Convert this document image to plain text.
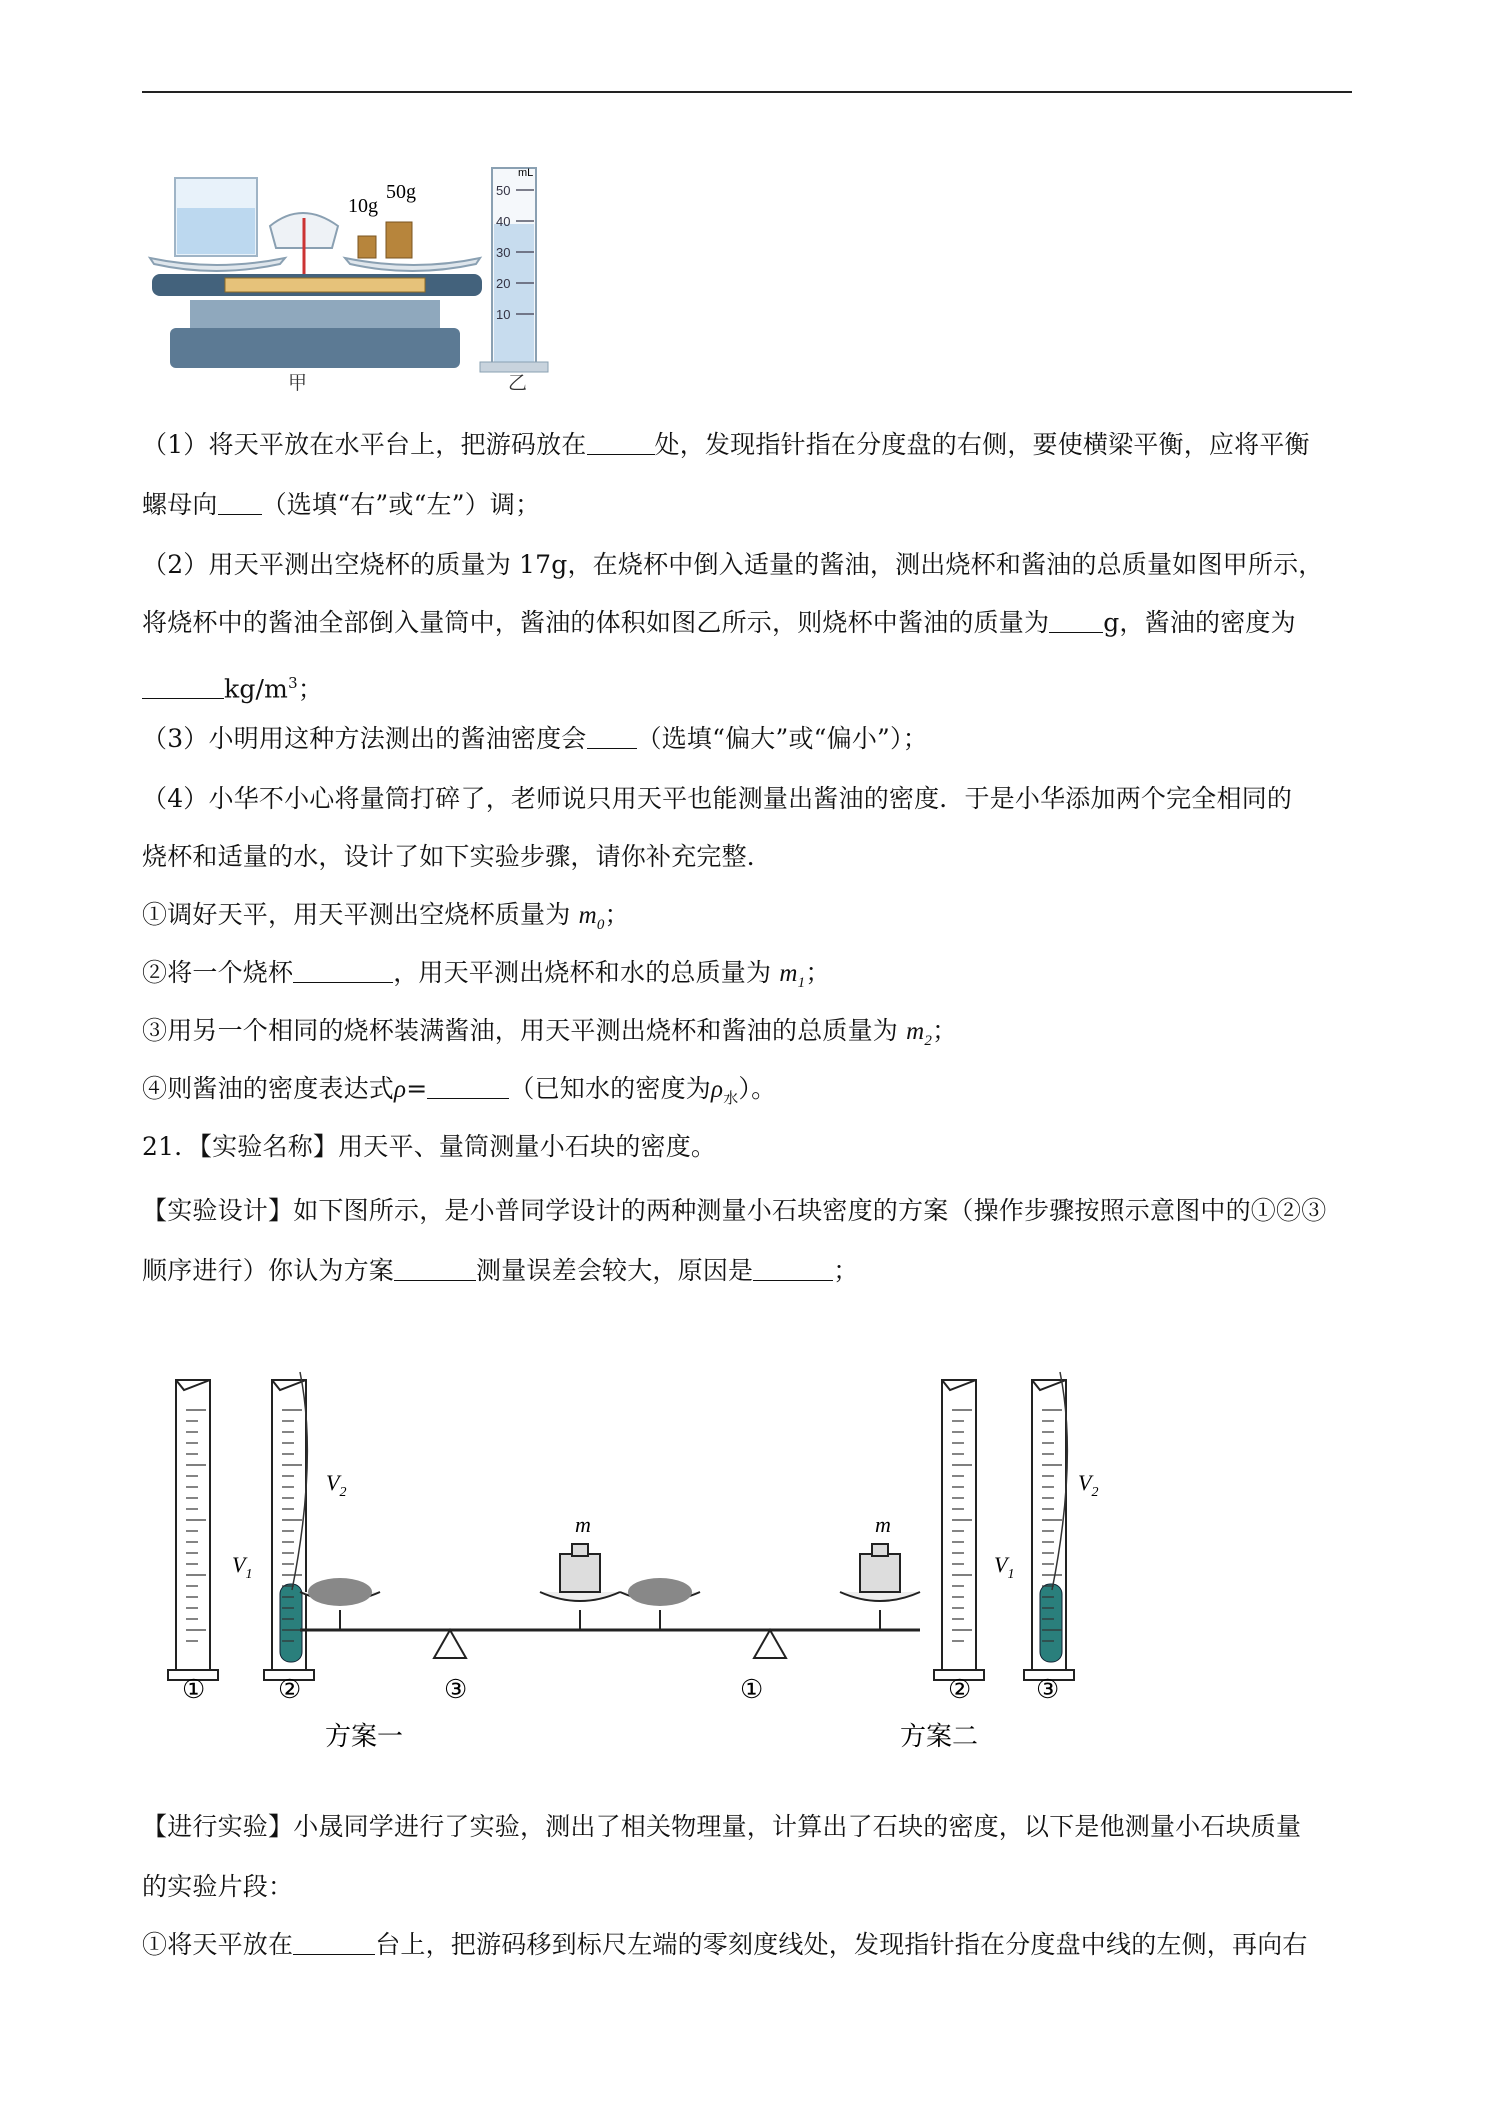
10g
50g
mL
50
40
30
20
10
甲	乙
（1）将天平放在水平台上，把游码放在	处，发现指针指在分度盘的右侧，要使横梁平衡，应将平衡
螺母向 （选填“右”或“左”）调；
（2）用天平测出空烧杯的质量为 17g，在烧杯中倒入适量的酱油，测出烧杯和酱油的总质量如图甲所示，
将烧杯中的酱油全部倒入量筒中，酱油的体积如图乙所示，则烧杯中酱油的质量为 g，酱油的密度为
$kg/m^3$；
（3）小明用这种方法测出的酱油密度会 （选填“偏大”或“偏小”）；
（4）小华不小心将量筒打碎了，老师说只用天平也能测量出酱油的密度．于是小华添加两个完全相同的
烧杯和适量的水，设计了如下实验步骤，请你补充完整．
①调好天平，用天平测出空烧杯质量为 $m_0$；
②将一个烧杯	，用天平测出烧杯和水的总质量为 $m_1$；
③用另一个相同的烧杯装满酱油，用天平测出烧杯和酱油的总质量为 $m_2$；
④则酱油的密度表达式ρ=	（已知水的密度为$\rho_水$）。
21．【实验名称】用天平、量筒测量小石块的密度。
【实验设计】如下图所示，是小普同学设计的两种测量小石块密度的方案（操作步骤按照示意图中的①②③
顺序进行）你认为方案	测量误差会较大，原因是	；
m
$V_1$
$V_2$
①	②	③
方案一
m
$V_1$
$V_2$
①	② ③
方案二
【进行实验】小晟同学进行了实验，测出了相关物理量，计算出了石块的密度，以下是他测量小石块质量
的实验片段：
①将天平放在	台上，把游码移到标尺左端的零刻度线处，发现指针指在分度盘中线的左侧，再向右
